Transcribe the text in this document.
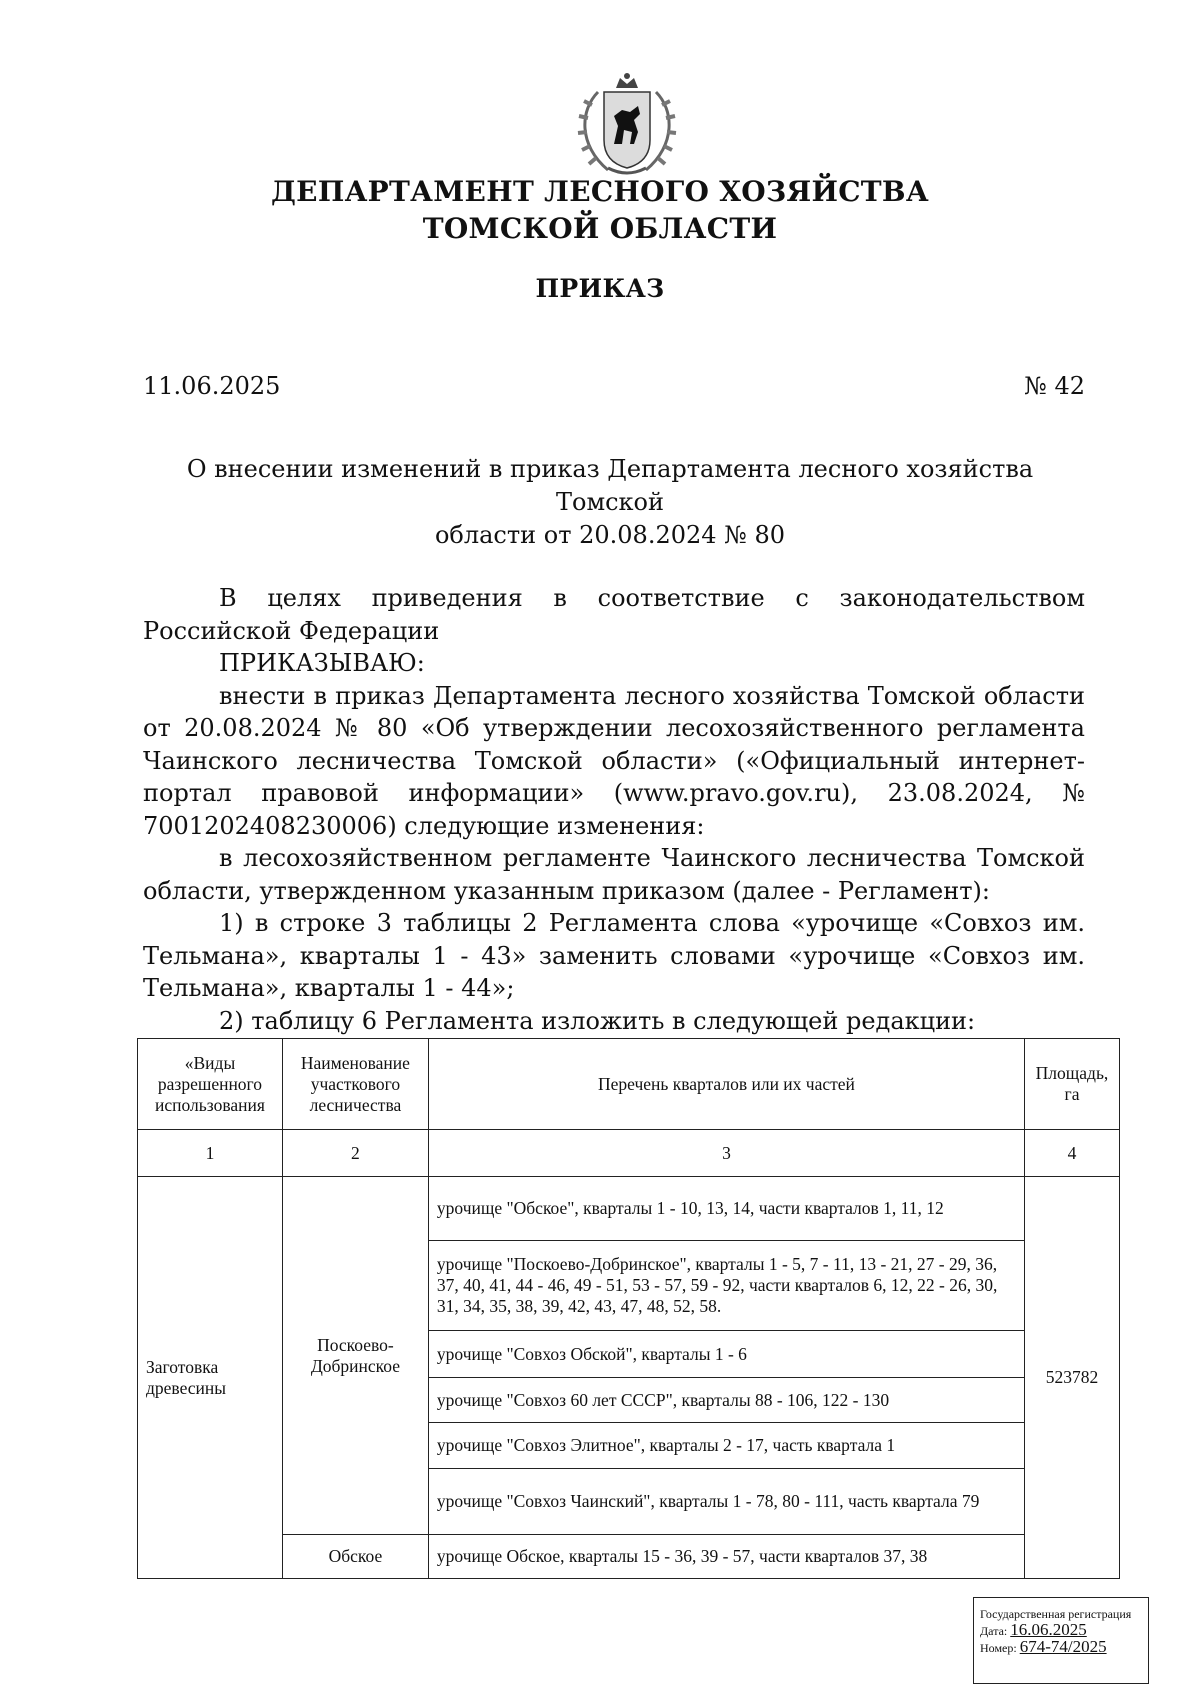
ДЕПАРТАМЕНТ ЛЕСНОГО ХОЗЯЙСТВА
ТОМСКОЙ ОБЛАСТИ
ПРИКАЗ
11.06.2025	№ 42
О внесении изменений в приказ Департамента лесного хозяйства Томской
области от 20.08.2024 № 80

В целях приведения в соответствие с законодательством Российской Федерации

ПРИКАЗЫВАЮ:

внести в приказ Департамента лесного хозяйства Томской области от 20.08.2024 № 80 «Об утверждении лесохозяйственного регламента Чаинского лесничества Томской области» («Официальный интернет-портал правовой информации» (www.pravo.gov.ru), 23.08.2024, № 7001202408230006) следующие изменения:

в лесохозяйственном регламенте Чаинского лесничества Томской области, утвержденном указанным приказом (далее - Регламент):

1) в строке 3 таблицы 2 Регламента слова «урочище «Совхоз им. Тельмана», кварталы 1 - 43» заменить словами «урочище «Совхоз им. Тельмана», кварталы 1 - 44»;

2) таблицу 6 Регламента изложить в следующей редакции:

«Виды разрешенного использования	Наименование участкового лесничества	Перечень кварталов или их частей	Площадь, га
1	2	3	4
Заготовка древесины	Поскоево-Добринское	урочище "Обское", кварталы 1 - 10, 13, 14, части кварталов 1, 11, 12	523782
		урочище "Поскоево-Добринское", кварталы 1 - 5, 7 - 11, 13 - 21, 27 - 29, 36, 37, 40, 41, 44 - 46, 49 - 51, 53 - 57, 59 - 92, части кварталов 6, 12, 22 - 26, 30, 31, 34, 35, 38, 39, 42, 43, 47, 48, 52, 58.	
		урочище "Совхоз Обской", кварталы 1 - 6	
		урочище "Совхоз 60 лет СССР", кварталы 88 - 106, 122 - 130	
		урочище "Совхоз Элитное", кварталы 2 - 17, часть квартала 1	
		урочище "Совхоз Чаинский", кварталы 1 - 78, 80 - 111, часть квартала 79	
	Обское	урочище Обское, кварталы 15 - 36, 39 - 57, части кварталов 37, 38	
Государственная регистрация
Дата: 16.06.2025
Номер: 674-74/2025
